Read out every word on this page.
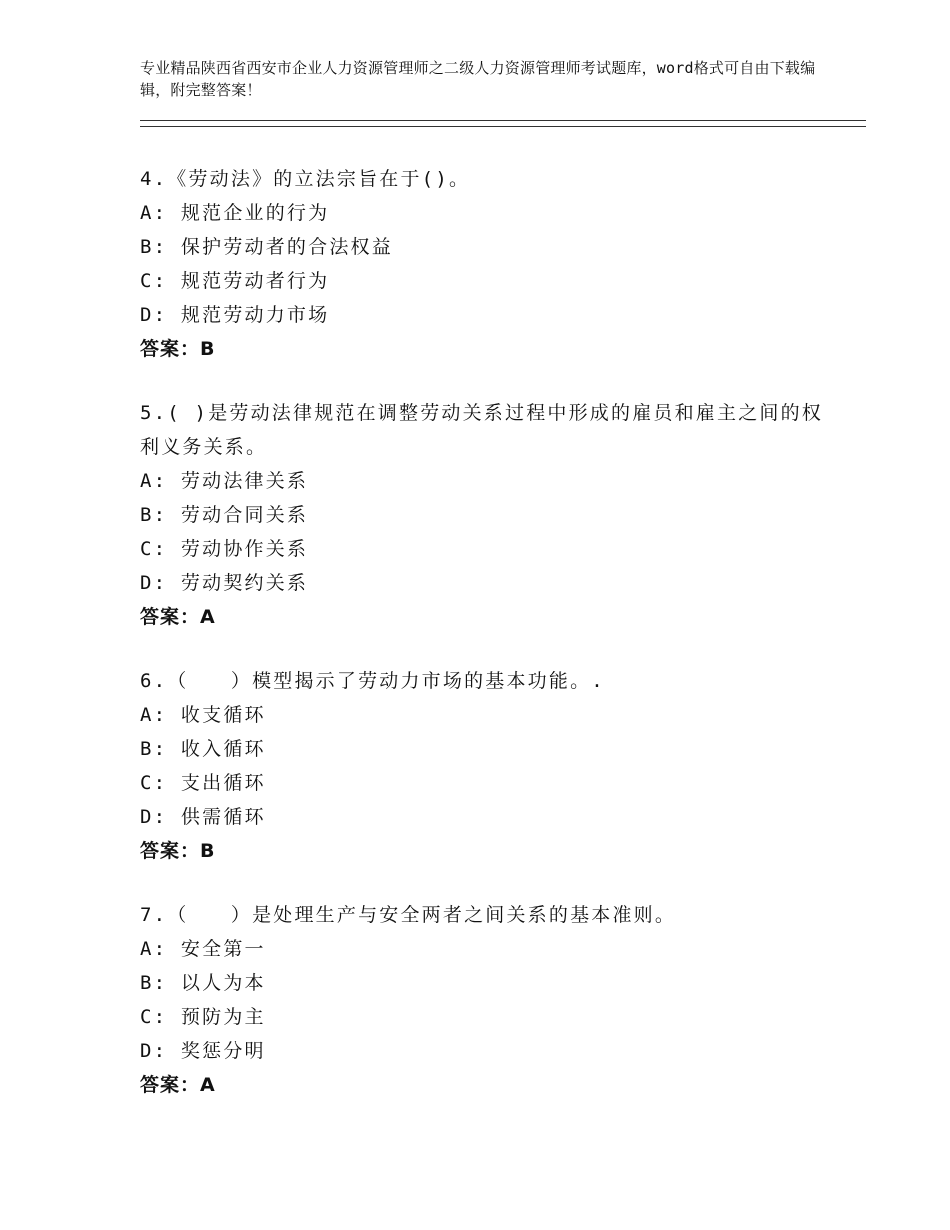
专业精品陕西省西安市企业人力资源管理师之二级人力资源管理师考试题库，word格式可自由下载编辑，附完整答案！
4.《劳动法》的立法宗旨在于()。
A: 规范企业的行为
B: 保护劳动者的合法权益
C: 规范劳动者行为
D: 规范劳动力市场
答案：B
5.( )是劳动法律规范在调整劳动关系过程中形成的雇员和雇主之间的权利义务关系。
A: 劳动法律关系
B: 劳动合同关系
C: 劳动协作关系
D: 劳动契约关系
答案：A
6.（　　）模型揭示了劳动力市场的基本功能。.
A: 收支循环
B: 收入循环
C: 支出循环
D: 供需循环
答案：B
7.（　　）是处理生产与安全两者之间关系的基本准则。
A: 安全第一
B: 以人为本
C: 预防为主
D: 奖惩分明
答案：A
